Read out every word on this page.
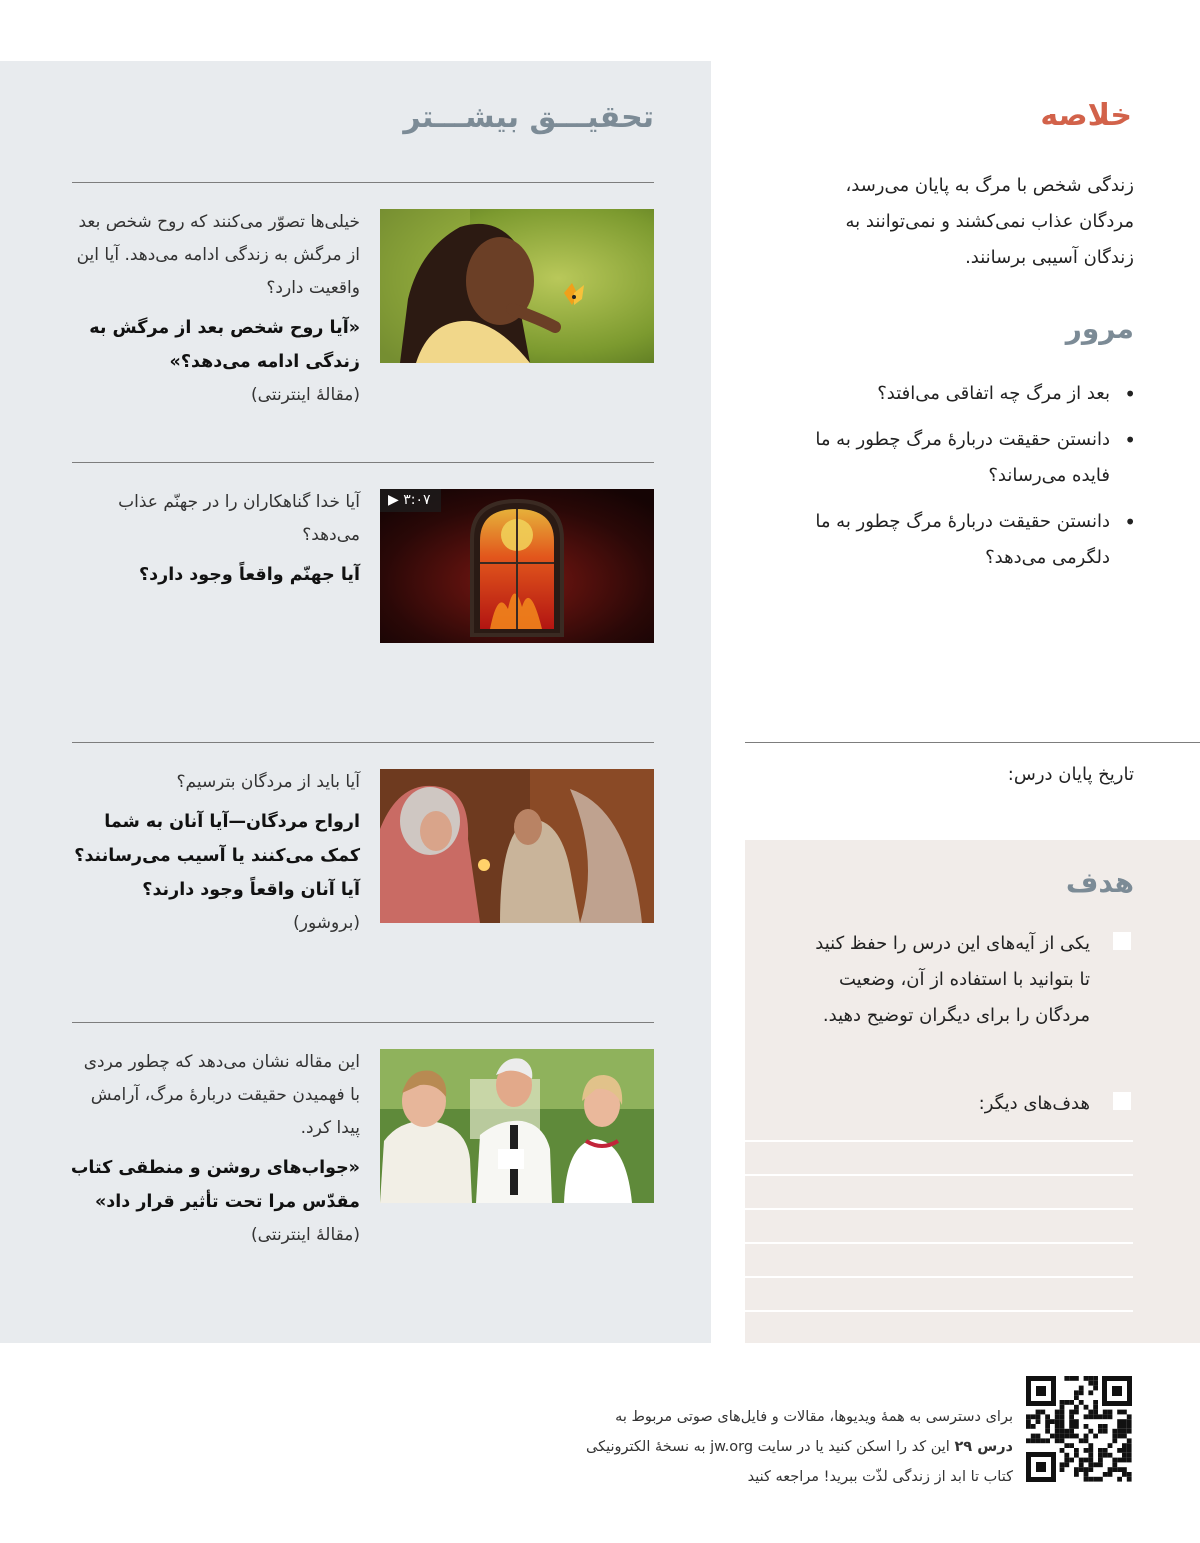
تحقیـــق بیشـــتر

خیلی‌ها تصوّر می‌کنند که روح شخص بعد از مرگش به زندگی ادامه می‌دهد. آیا این واقعیت دارد؟

«آیا روح شخص بعد از مرگش به زندگی ادامه می‌دهد؟»

(مقالهٔ اینترنتی)

آیا خدا گناهکاران را در جهنّم عذاب می‌دهد؟

آیا جهنّم واقعاً وجود دارد؟

▶ ۳:۰۷

آیا باید از مردگان بترسیم؟

ارواح مردگان—آیا آنان به شما کمک می‌کنند یا آسیب می‌رسانند؟ آیا آنان واقعاً وجود دارند؟

(بروشور)

این مقاله نشان می‌دهد که چطور مردی با فهمیدن حقیقت دربارهٔ مرگ، آرامش پیدا کرد.

«جواب‌های روشن و منطقی کتاب مقدّس مرا تحت تأثیر قرار داد»

(مقالهٔ اینترنتی)

خلاصه
زندگی شخص با مرگ به پایان می‌رسد، مردگان عذاب نمی‌کشند و نمی‌توانند به زندگان آسیبی برسانند.
مرور
• بعد از مرگ چه اتفاقی می‌افتد؟
• دانستن حقیقت دربارهٔ مرگ چطور به ما فایده می‌رساند؟
• دانستن حقیقت دربارهٔ مرگ چطور به ما دلگرمی می‌دهد؟
تاریخ پایان درس:
هدف
یکی از آیه‌های این درس را حفظ کنید تا بتوانید با استفاده از آن، وضعیت مردگان را برای دیگران توضیح دهید.
هدف‌های دیگر:
برای دسترسی به همهٔ ویدیوها، مقالات و فایل‌های صوتی مربوط به
درس ۲۹ این کد را اسکن کنید یا در سایت jw.org به نسخهٔ الکترونیکی
کتاب تا ابد از زندگی لذّت ببرید! مراجعه کنید
